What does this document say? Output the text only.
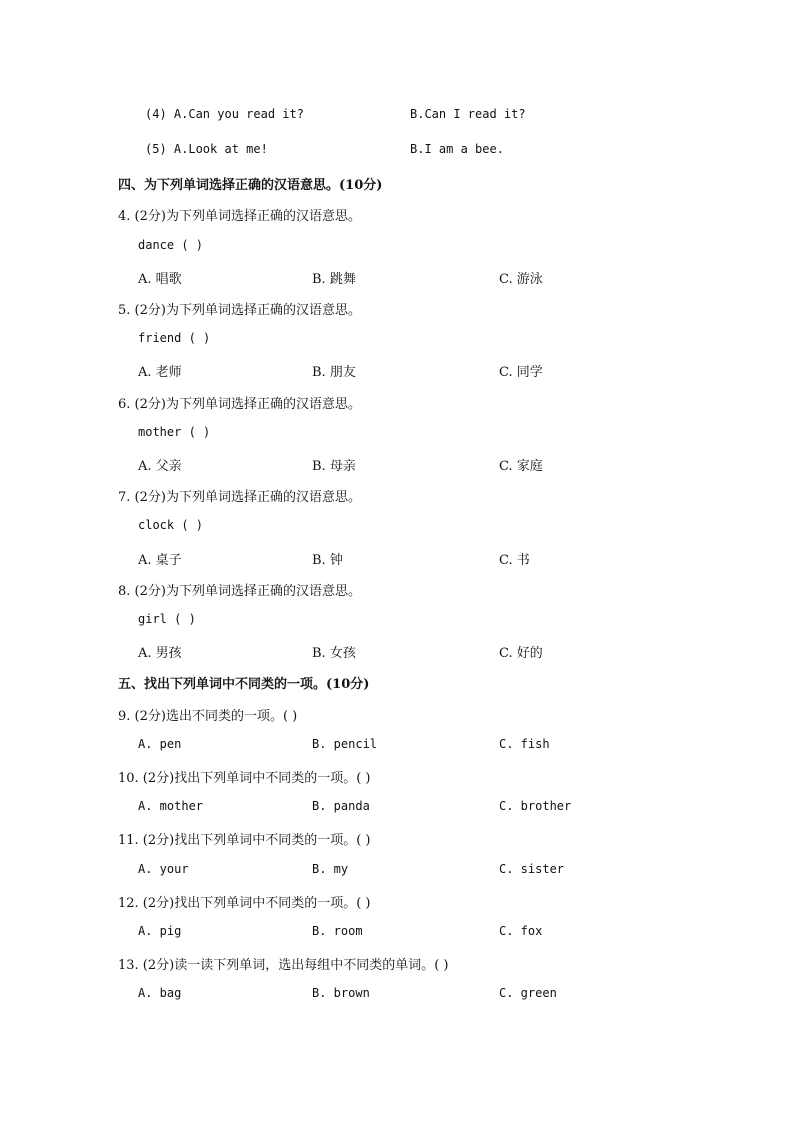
(4) A.Can you read it?	B.Can I read it?
(5) A.Look at me!	B.I am a bee.
四、为下列单词选择正确的汉语意思。(10分)
4. (2分)为下列单词选择正确的汉语意思。
dance ( )
A. 唱歌	B. 跳舞	C. 游泳
5. (2分)为下列单词选择正确的汉语意思。
friend ( )
A. 老师	B. 朋友	C. 同学
6. (2分)为下列单词选择正确的汉语意思。
mother ( )
A. 父亲	B. 母亲	C. 家庭
7. (2分)为下列单词选择正确的汉语意思。
clock ( )
A. 桌子	B. 钟	C. 书
8. (2分)为下列单词选择正确的汉语意思。
girl ( )
A. 男孩	B. 女孩	C. 好的
五、找出下列单词中不同类的一项。(10分)
9. (2分)选出不同类的一项。( )
A. pen	B. pencil	C. fish
10. (2分)找出下列单词中不同类的一项。( )
A. mother	B. panda	C. brother
11. (2分)找出下列单词中不同类的一项。( )
A. your	B. my	C. sister
12. (2分)找出下列单词中不同类的一项。( )
A. pig	B. room	C. fox
13. (2分)读一读下列单词，选出每组中不同类的单词。( )
A. bag	B. brown	C. green
